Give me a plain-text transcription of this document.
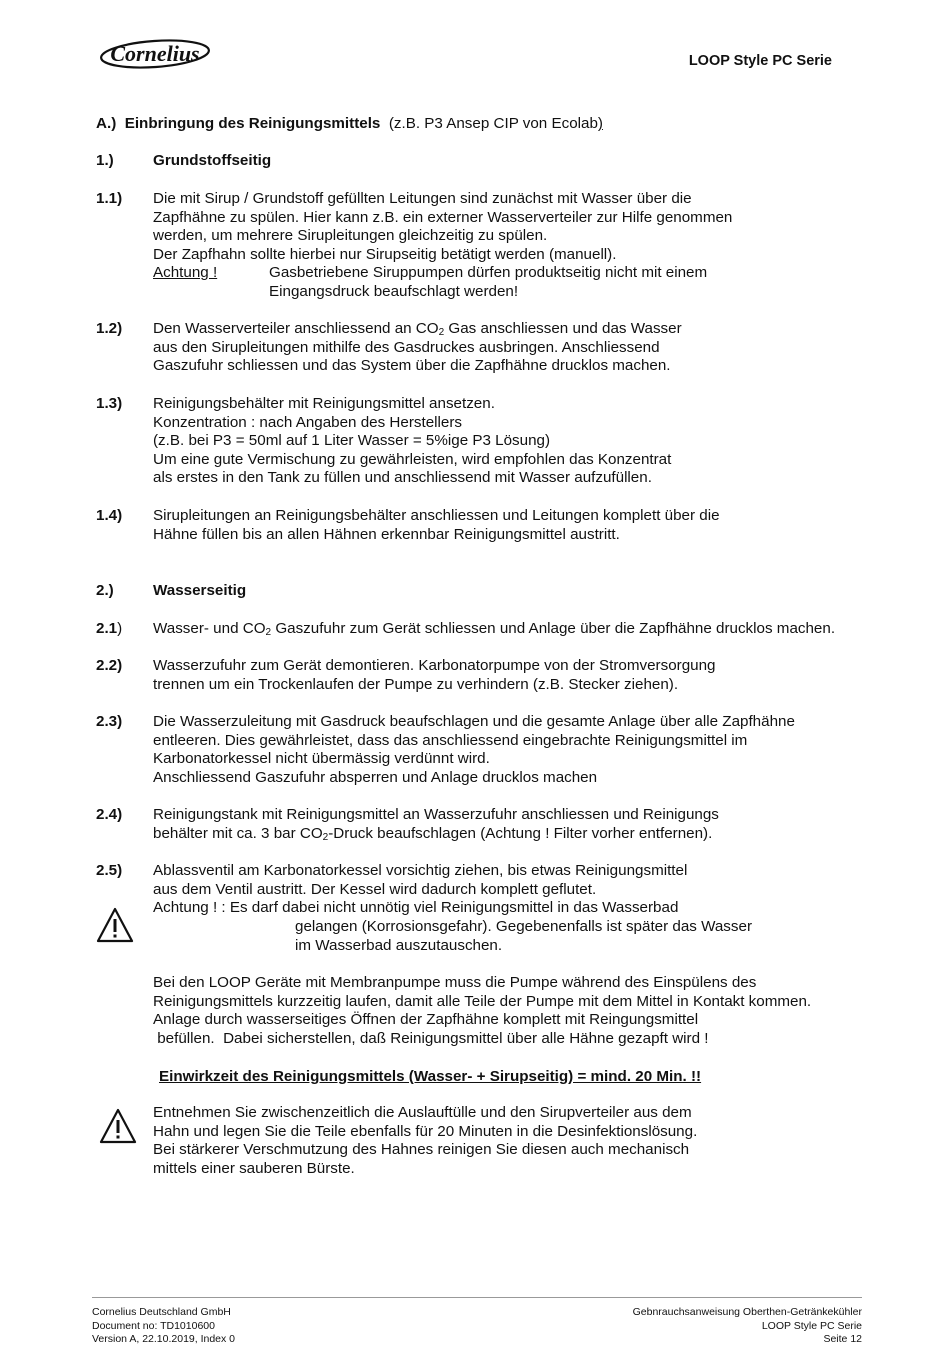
Cornelius	LOOP Style PC Serie
A.) Einbringung des Reinigungsmittels (z.B. P3 Ansep CIP von Ecolab)
1.)	Grundstoffseitig
1.1) Die mit Sirup / Grundstoff gefüllten Leitungen sind zunächst mit Wasser über die
Zapfhähne zu spülen. Hier kann z.B. ein externer Wasserverteiler zur Hilfe genommen
werden, um mehrere Sirupleitungen gleichzeitig zu spülen.
Der Zapfhahn sollte hierbei nur Sirupseitig betätigt werden (manuell).
Achtung !	Gasbetriebene Siruppumpen dürfen produktseitig nicht mit einem
Eingangsdruck beaufschlagt werden!
1.2) Den Wasserverteiler anschliessend an $CO_2$ Gas anschliessen und das Wasser
aus den Sirupleitungen mithilfe des Gasdruckes ausbringen. Anschliessend
Gaszufuhr schliessen und das System über die Zapfhähne drucklos machen.
1.3) Reinigungsbehälter mit Reinigungsmittel ansetzen.
Konzentration : nach Angaben des Herstellers
(z.B. bei P3 = 50ml auf 1 Liter Wasser = 5%ige P3 Lösung)
Um eine gute Vermischung zu gewährleisten, wird empfohlen das Konzentrat
als erstes in den Tank zu füllen und anschliessend mit Wasser aufzufüllen.
1.4) Sirupleitungen an Reinigungsbehälter anschliessen und Leitungen komplett über die
Hähne füllen bis an allen Hähnen erkennbar Reinigungsmittel austritt.
2.)	Wasserseitig
2.1) Wasser- und $CO_2$ Gaszufuhr zum Gerät schliessen und Anlage über die Zapfhähne drucklos machen.
2.2) Wasserzufuhr zum Gerät demontieren. Karbonatorpumpe von der Stromversorgung
trennen um ein Trockenlaufen der Pumpe zu verhindern (z.B. Stecker ziehen).
2.3) Die Wasserzuleitung mit Gasdruck beaufschlagen und die gesamte Anlage über alle Zapfhähne
entleeren. Dies gewährleistet, dass das anschliessend eingebrachte Reinigungsmittel im
Karbonatorkessel nicht übermässig verdünnt wird.
Anschliessend Gaszufuhr absperren und Anlage drucklos machen
2.4) Reinigungstank mit Reinigungsmittel an Wasserzufuhr anschliessen und Reinigungs
behälter mit ca. 3 bar $CO_2$-Druck beaufschlagen (Achtung ! Filter vorher entfernen).
2.5) Ablassventil am Karbonatorkessel vorsichtig ziehen, bis etwas Reinigungsmittel
aus dem Ventil austritt. Der Kessel wird dadurch komplett geflutet.
Achtung ! : Es darf dabei nicht unnötig viel Reinigungsmittel in das Wasserbad
gelangen (Korrosionsgefahr). Gegebenenfalls ist später das Wasser
im Wasserbad auszutauschen.
Bei den LOOP Geräte mit Membranpumpe muss die Pumpe während des Einspülens des
Reinigungsmittels kurzzeitig laufen, damit alle Teile der Pumpe mit dem Mittel in Kontakt kommen.
Anlage durch wasserseitiges Öffnen der Zapfhähne komplett mit Reingungsmittel
befüllen.  Dabei sicherstellen, daß Reinigungsmittel über alle Hähne gezapft wird !
Einwirkzeit des Reinigungsmittels (Wasser- + Sirupseitig) = mind. 20 Min. !!
Entnehmen Sie zwischenzeitlich die Auslauftülle und den Sirupverteiler aus dem
Hahn und legen Sie die Teile ebenfalls für 20 Minuten in die Desinfektionslösung.
Bei stärkerer Verschmutzung des Hahnes reinigen Sie diesen auch mechanisch
mittels einer sauberen Bürste.
Cornelius Deutschland GmbH
Document no: TD1010600
Version A, 22.10.2019, Index 0
Gebnrauchsanweisung Oberthen-Getränkekühler
LOOP Style PC Serie
Seite 12
